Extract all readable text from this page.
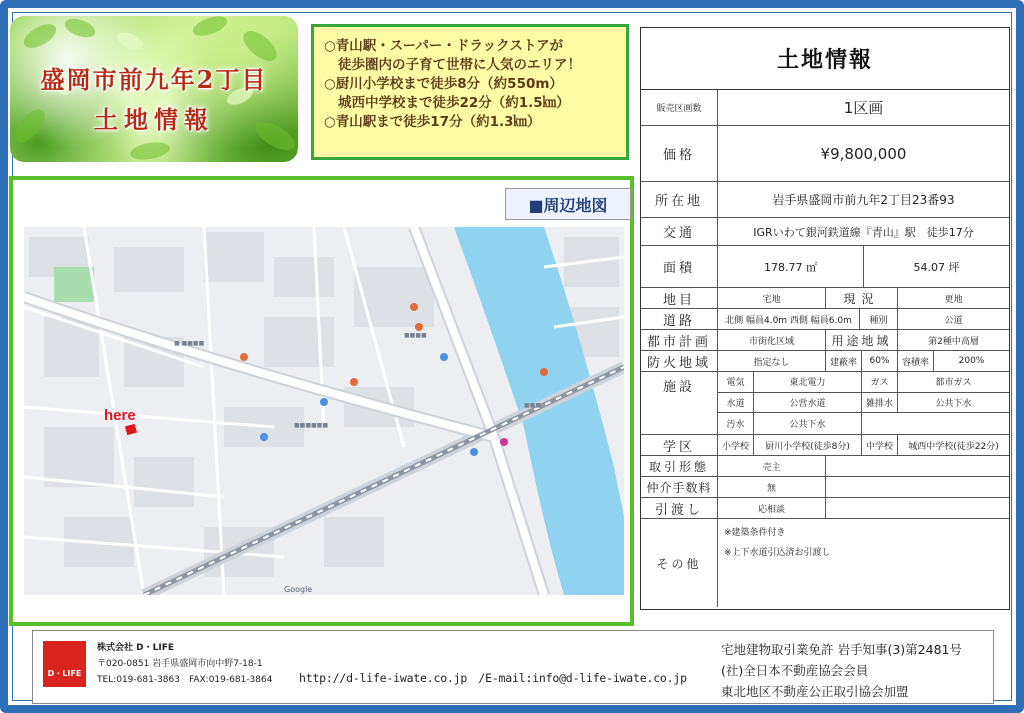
盛岡市前九年2丁目
土地情報

○青山駅・スーパー・ドラックストアが

徒歩圏内の子育て世帯に人気のエリア！

○厨川小学校まで徒歩8分（約550m）

城西中学校まで徒歩22分（約1.5㎞）

○青山駅まで徒歩17分（約1.3㎞）

■周辺地図
■ ■■■■
■■■■
■■■■■■
■■■
Google
here
土地情報
販売区画数	1区画
価格	¥9,800,000
所在地	岩手県盛岡市前九年2丁目23番93
交通	IGRいわて銀河鉄道線『青山』駅　徒歩17分
面積	178.77 ㎡	54.07 坪
地目	宅地	現況	更地
道路	北側 幅員4.0m 西側 幅員6.0m	種別	公道
都市計画	市街化区域	用途地域	第2種中高層
防火地域	指定なし	建蔽率	60%	容積率	200%
施設	電気	東北電力	ガス	都市ガス
水道	公営水道	雑排水	公共下水
汚水	公共下水
学区	小学校	厨川小学校(徒歩8分)	中学校	城西中学校(徒歩22分)
取引形態	売主
仲介手数料	無
引渡し	応相談
その他
※建築条件付き
※上下水道引込済お引渡し
D・LIFE
株式会社 D・LIFE
〒020-0851 岩手県盛岡市向中野7-18-1
TEL:019-681-3863　FAX:019-681-3864 http://d-life-iwate.co.jp　/E-mail:info@d-life-iwate.co.jp
宅地建物取引業免許 岩手知事(3)第2481号
(社)全日本不動産協会会員
東北地区不動産公正取引協会加盟
